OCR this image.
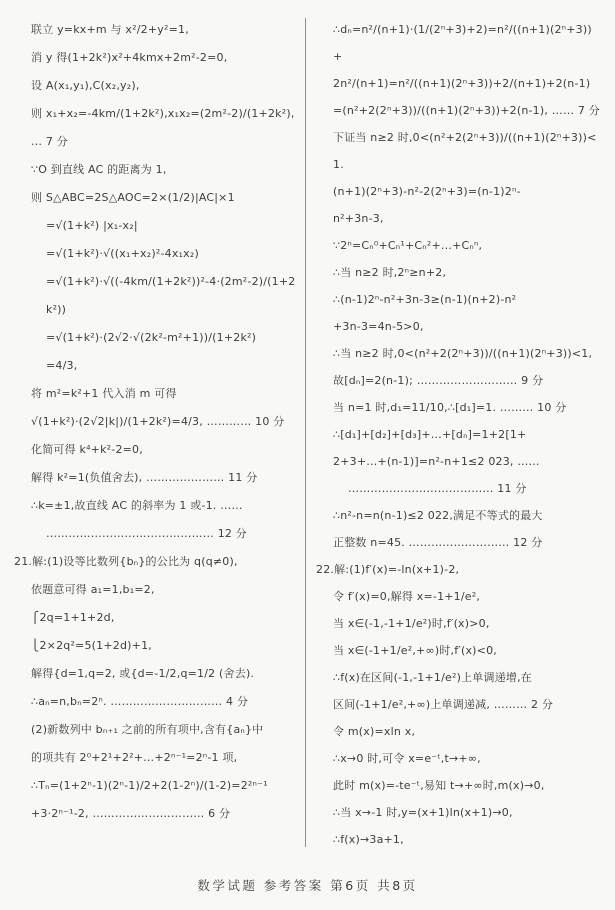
联立 y=kx+m 与 x²/2+y²=1,
消 y 得(1+2k²)x²+4kmx+2m²-2=0,
设 A(x₁,y₁),C(x₂,y₂),
则 x₁+x₂=-4km/(1+2k²),x₁x₂=(2m²-2)/(1+2k²), … 7 分
∵O 到直线 AC 的距离为 1,
则 S△ABC=2S△AOC=2×(1/2)|AC|×1
=√(1+k²) |x₁-x₂|
=√(1+k²)·√((x₁+x₂)²-4x₁x₂)
=√(1+k²)·√((-4km/(1+2k²))²-4·(2m²-2)/(1+2k²))
=√(1+k²)·(2√2·√(2k²-m²+1))/(1+2k²)
=4/3,
将 m²=k²+1 代入消 m 可得
√(1+k²)·(2√2|k|)/(1+2k²)=4/3, ………… 10 分
化简可得 k⁴+k²-2=0,
解得 k²=1(负值舍去), ………………… 11 分
∴k=±1,故直线 AC 的斜率为 1 或-1. ……
……………………………………… 12 分
21.解:(1)设等比数列{bₙ}的公比为 q(q≠0),
依题意可得 a₁=1,b₁=2,
⎧2q=1+1+2d,
⎩2×2q²=5(1+2d)+1,
解得{d=1,q=2, 或{d=-1/2,q=1/2 (舍去).
∴aₙ=n,bₙ=2ⁿ. ………………………… 4 分
(2)新数列中 bₙ₊₁ 之前的所有项中,含有{aₙ}中
的项共有 2⁰+2¹+2²+…+2ⁿ⁻¹=2ⁿ-1 项,
∴Tₙ=(1+2ⁿ-1)(2ⁿ-1)/2+2(1-2ⁿ)/(1-2)=2²ⁿ⁻¹
+3·2ⁿ⁻¹-2, ………………………… 6 分
∴dₙ=n²/(n+1)·(1/(2ⁿ+3)+2)=n²/((n+1)(2ⁿ+3))+
2n²/(n+1)=n²/((n+1)(2ⁿ+3))+2/(n+1)+2(n-1)
=(n²+2(2ⁿ+3))/((n+1)(2ⁿ+3))+2(n-1), …… 7 分
下证当 n≥2 时,0<(n²+2(2ⁿ+3))/((n+1)(2ⁿ+3))<1.
(n+1)(2ⁿ+3)-n²-2(2ⁿ+3)=(n-1)2ⁿ-
n²+3n-3,
∵2ⁿ=Cₙ⁰+Cₙ¹+Cₙ²+…+Cₙⁿ,
∴当 n≥2 时,2ⁿ≥n+2,
∴(n-1)2ⁿ-n²+3n-3≥(n-1)(n+2)-n²
+3n-3=4n-5>0,
∴当 n≥2 时,0<(n²+2(2ⁿ+3))/((n+1)(2ⁿ+3))<1,
故[dₙ]=2(n-1); ……………………… 9 分
当 n=1 时,d₁=11/10,∴[d₁]=1. ……… 10 分
∴[d₁]+[d₂]+[d₃]+…+[dₙ]=1+2[1+
2+3+…+(n-1)]=n²-n+1≤2 023, ……
………………………………… 11 分
∴n²-n=n(n-1)≤2 022,满足不等式的最大
正整数 n=45. ……………………… 12 分
22.解:(1)f′(x)=-ln(x+1)-2,
令 f′(x)=0,解得 x=-1+1/e²,
当 x∈(-1,-1+1/e²)时,f′(x)>0,
当 x∈(-1+1/e²,+∞)时,f′(x)<0,
∴f(x)在区间(-1,-1+1/e²)上单调递增,在
区间(-1+1/e²,+∞)上单调递减, ……… 2 分
令 m(x)=xln x,
∴x→0 时,可令 x=e⁻ᵗ,t→+∞,
此时 m(x)=-te⁻ᵗ,易知 t→+∞时,m(x)→0,
∴当 x→-1 时,y=(x+1)ln(x+1)→0,
∴f(x)→3a+1,
数学试题 参考答案 第6页 共8页
